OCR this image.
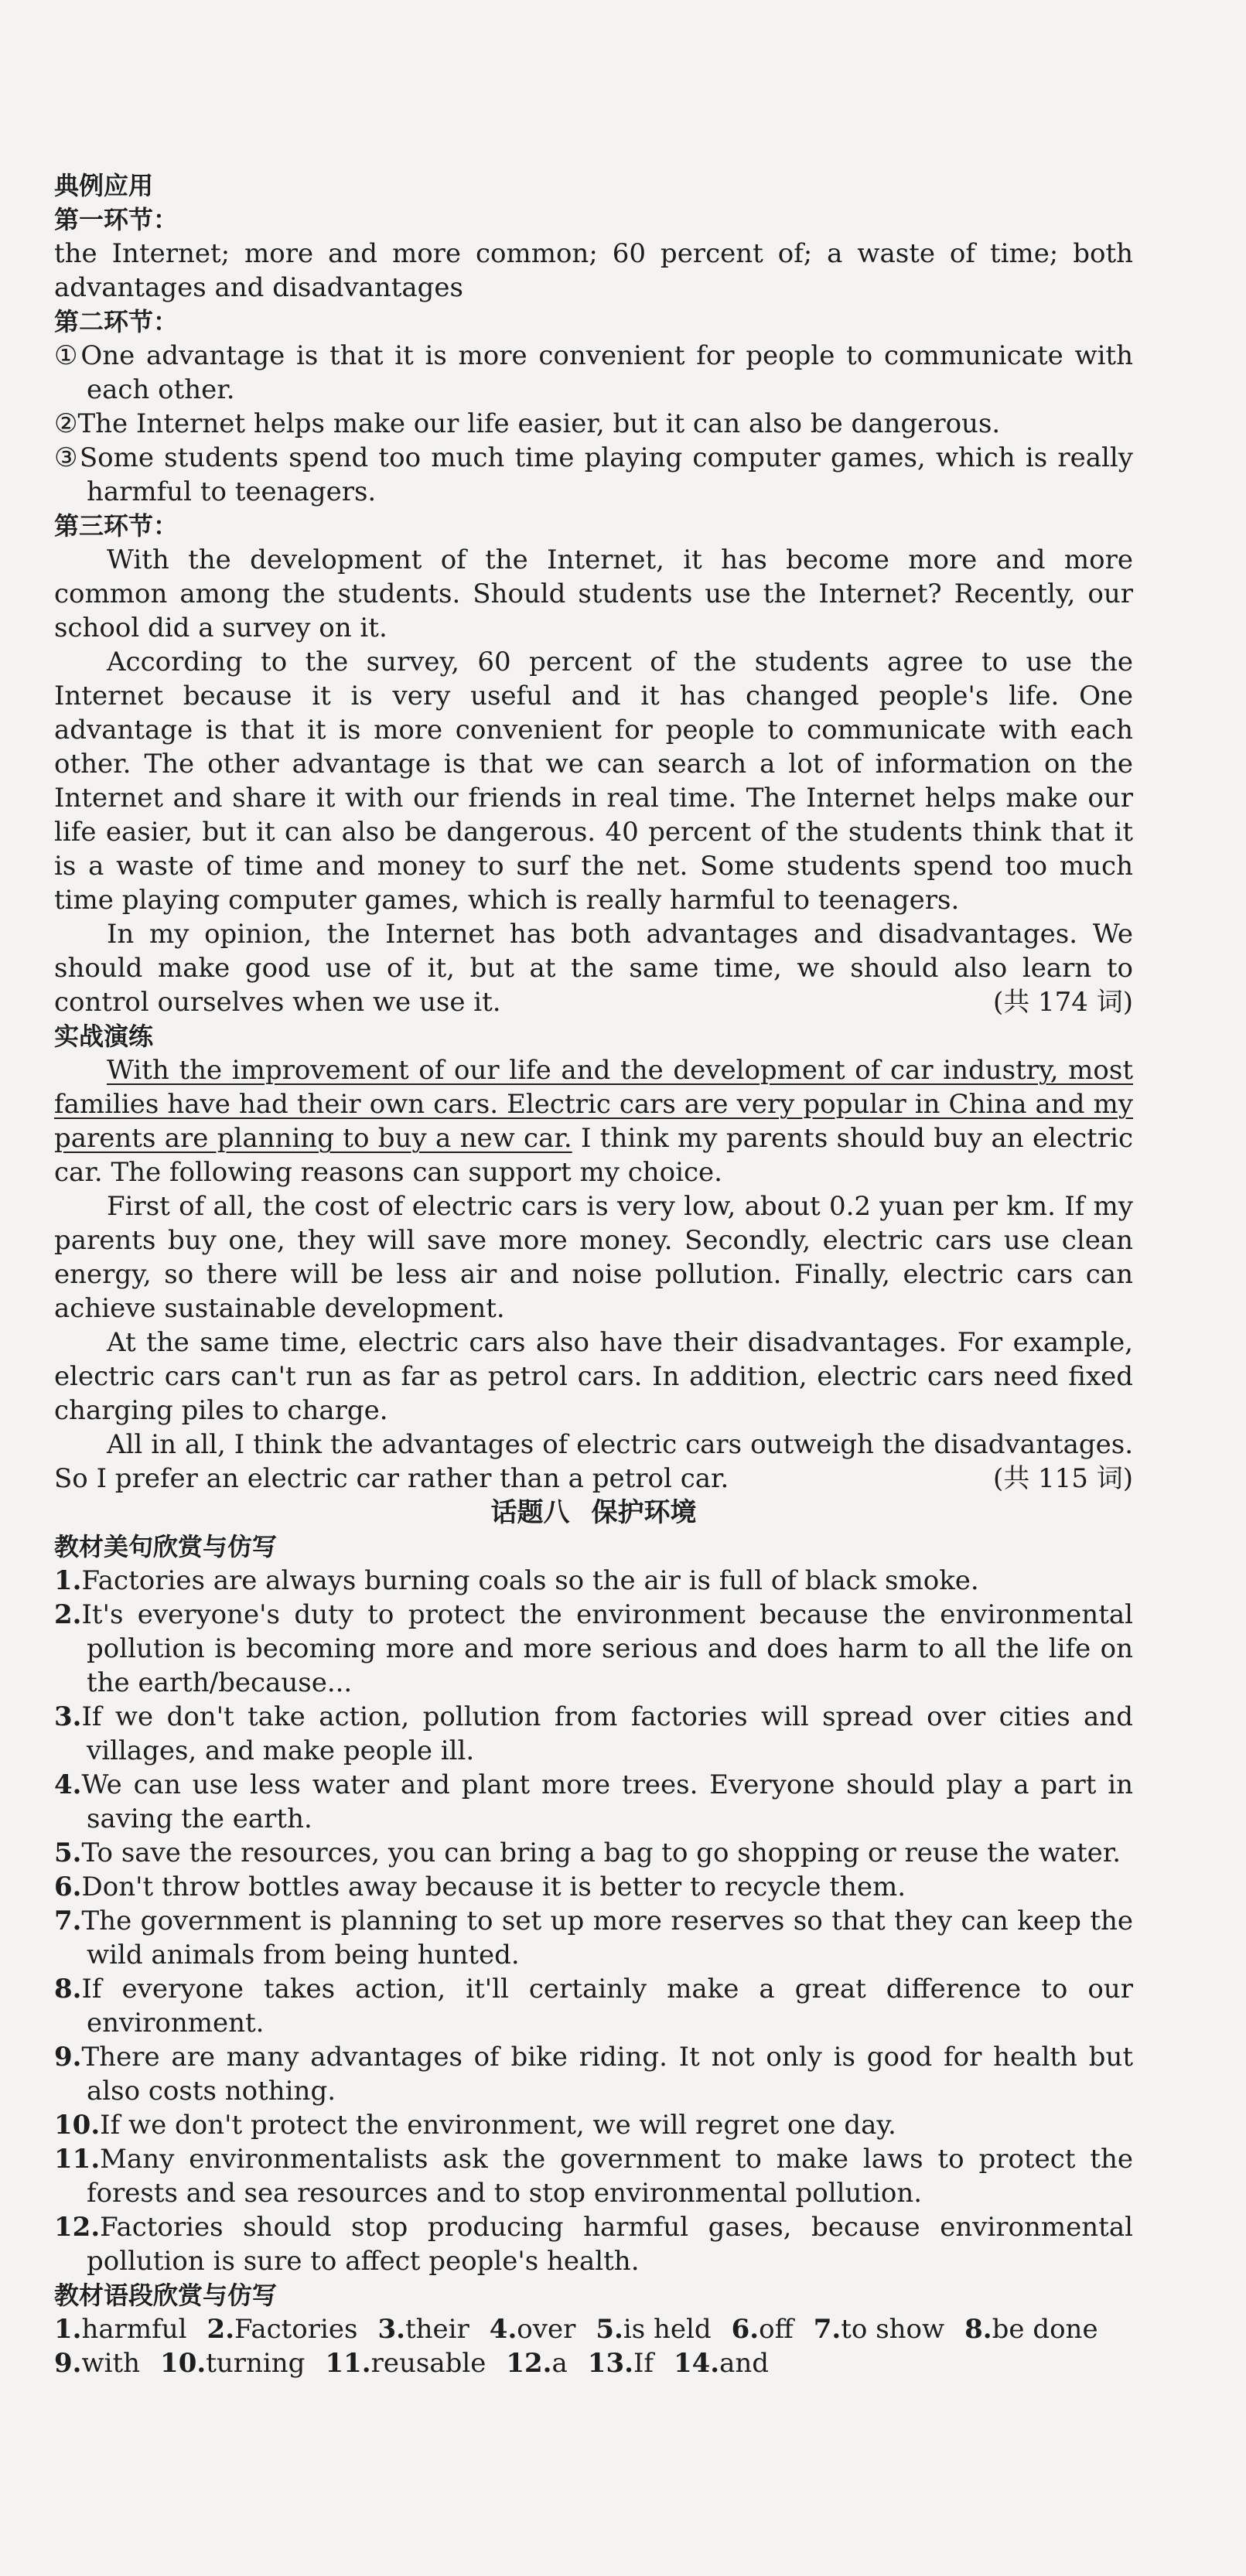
典例应用
第一环节：
the Internet; more and more common; 60 percent of; a waste of time; both advantages and disadvantages
第二环节：
①One advantage is that it is more convenient for people to communicate with each other.
②The Internet helps make our life easier, but it can also be dangerous.
③Some students spend too much time playing computer games, which is really harmful to teenagers.
第三环节：
With the development of the Internet, it has become more and more common among the students. Should students use the Internet? Recently, our school did a survey on it.
According to the survey, 60 percent of the students agree to use the Internet because it is very useful and it has changed people's life. One advantage is that it is more convenient for people to communicate with each other. The other advantage is that we can search a lot of information on the Internet and share it with our friends in real time. The Internet helps make our life easier, but it can also be dangerous. 40 percent of the students think that it is a waste of time and money to surf the net. Some students spend too much time playing computer games, which is really harmful to teenagers.
In my opinion, the Internet has both advantages and disadvantages. We should make good use of it, but at the same time, we should also learn to control ourselves when we use it.	(共 174 词)
实战演练
With the improvement of our life and the development of car industry, most families have had their own cars. Electric cars are very popular in China and my parents are planning to buy a new car. I think my parents should buy an electric car. The following reasons can support my choice.
First of all, the cost of electric cars is very low, about 0.2 yuan per km. If my parents buy one, they will save more money. Secondly, electric cars use clean energy, so there will be less air and noise pollution. Finally, electric cars can achieve sustainable development.
At the same time, electric cars also have their disadvantages. For example, electric cars can't run as far as petrol cars. In addition, electric cars need fixed charging piles to charge.
All in all, I think the advantages of electric cars outweigh the disadvantages. So I prefer an electric car rather than a petrol car.	(共 115 词)
话题八 保护环境
教材美句欣赏与仿写
1.Factories are always burning coals so the air is full of black smoke.
2.It's everyone's duty to protect the environment because the environmental pollution is becoming more and more serious and does harm to all the life on the earth/because...
3.If we don't take action, pollution from factories will spread over cities and villages, and make people ill.
4.We can use less water and plant more trees. Everyone should play a part in saving the earth.
5.To save the resources, you can bring a bag to go shopping or reuse the water.
6.Don't throw bottles away because it is better to recycle them.
7.The government is planning to set up more reserves so that they can keep the wild animals from being hunted.
8.If everyone takes action, it'll certainly make a great difference to our environment.
9.There are many advantages of bike riding. It not only is good for health but also costs nothing.
10.If we don't protect the environment, we will regret one day.
11.Many environmentalists ask the government to make laws to protect the forests and sea resources and to stop environmental pollution.
12.Factories should stop producing harmful gases, because environmental pollution is sure to affect people's health.
教材语段欣赏与仿写
1.harmful 2.Factories 3.their 4.over 5.is held 6.off 7.to show 8.be done
9.with 10.turning 11.reusable 12.a 13.If 14.and
